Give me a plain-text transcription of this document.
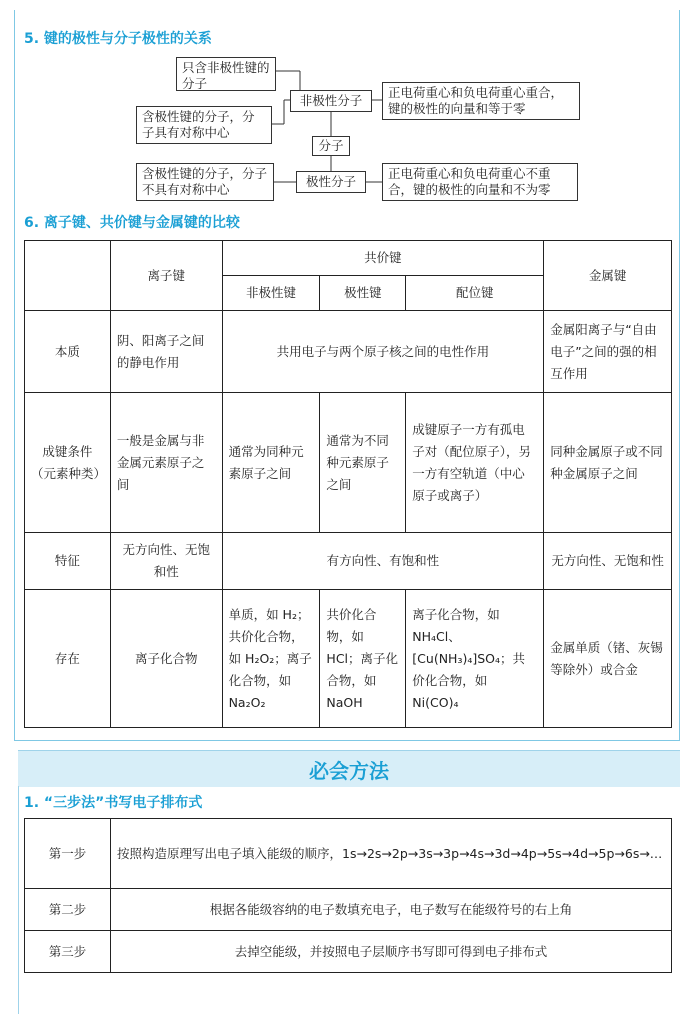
5. 键的极性与分子极性的关系
只含非极性键的分子
含极性键的分子，分子具有对称中心
非极性分子
分子
极性分子
含极性键的分子，分子不具有对称中心
正电荷重心和负电荷重心重合，键的极性的向量和等于零
正电荷重心和负电荷重心不重合，键的极性的向量和不为零
6. 离子键、共价键与金属键的比较
	离子键	共价键			金属键
		非极性键	极性键	配位键	
本质	阴、阳离子之间的静电作用	共用电子与两个原子核之间的电性作用			金属阳离子与“自由电子”之间的强的相互作用
成键条件（元素种类）	一般是金属与非金属元素原子之间	通常为同种元素原子之间	通常为不同种元素原子之间	成键原子一方有孤电子对（配位原子），另一方有空轨道（中心原子或离子）	同种金属原子或不同种金属原子之间
特征	无方向性、无饱和性	有方向性、有饱和性			无方向性、无饱和性
存在	离子化合物	单质，如 H₂；共价化合物，如 H₂O₂；离子化合物，如 Na₂O₂	共价化合物，如 HCl；离子化合物，如 NaOH	离子化合物，如 NH₄Cl、[Cu(NH₃)₄]SO₄；共价化合物，如 Ni(CO)₄	金属单质（锗、灰锡等除外）或合金
必会方法
1. “三步法”书写电子排布式
第一步	按照构造原理写出电子填入能级的顺序，1s→2s→2p→3s→3p→4s→3d→4p→5s→4d→5p→6s→…
第二步	根据各能级容纳的电子数填充电子，电子数写在能级符号的右上角
第三步	去掉空能级，并按照电子层顺序书写即可得到电子排布式
